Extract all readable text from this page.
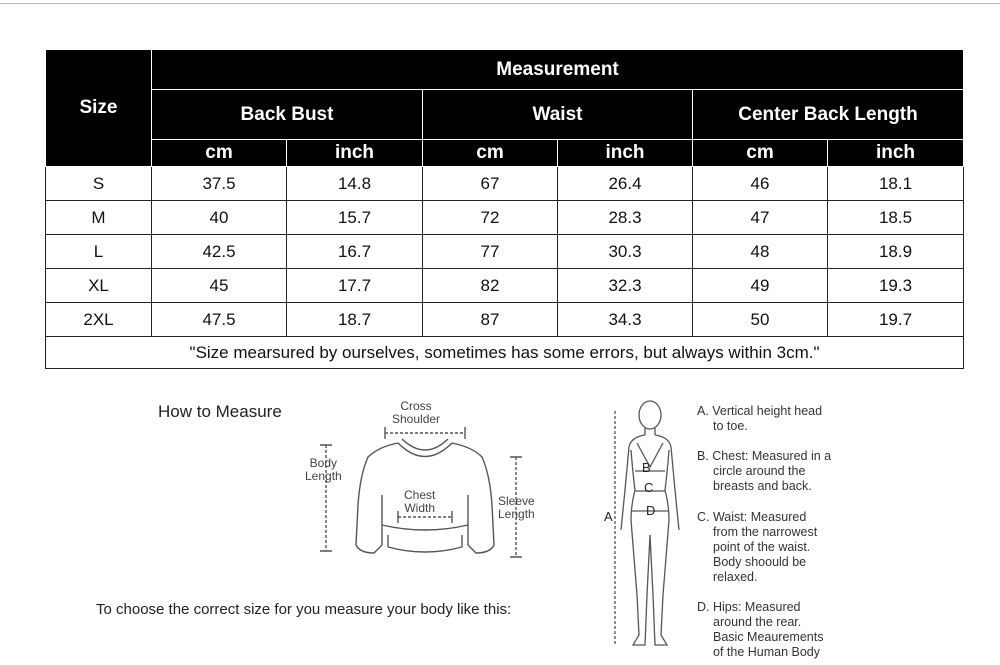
Size	Measurement					
	Back Bust		Waist		Center Back Length	
	cm	inch	cm	inch	cm	inch
S	37.5	14.8	67	26.4	46	18.1
M	40	15.7	72	28.3	47	18.5
L	42.5	16.7	77	30.3	48	18.9
XL	45	17.7	82	32.3	49	19.3
2XL	47.5	18.7	87	34.3	50	19.7
"Size mearsured by ourselves, sometimes has some errors, but always within 3cm."						
How to Measure	Cross
Shoulder
Body
Length
Chest
Width	Sleeve
Length
To choose the correct size for you measure your body like this:
B
C
A	D
A. Vertical height head
to toe.
B. Chest: Measured in a
circle around the
breasts and back.
C. Waist: Measured
from the narrowest
point of the waist.
Body shoould be
relaxed.
D. Hips: Measured
around the rear.
Basic Meaurements
of the Human Body
